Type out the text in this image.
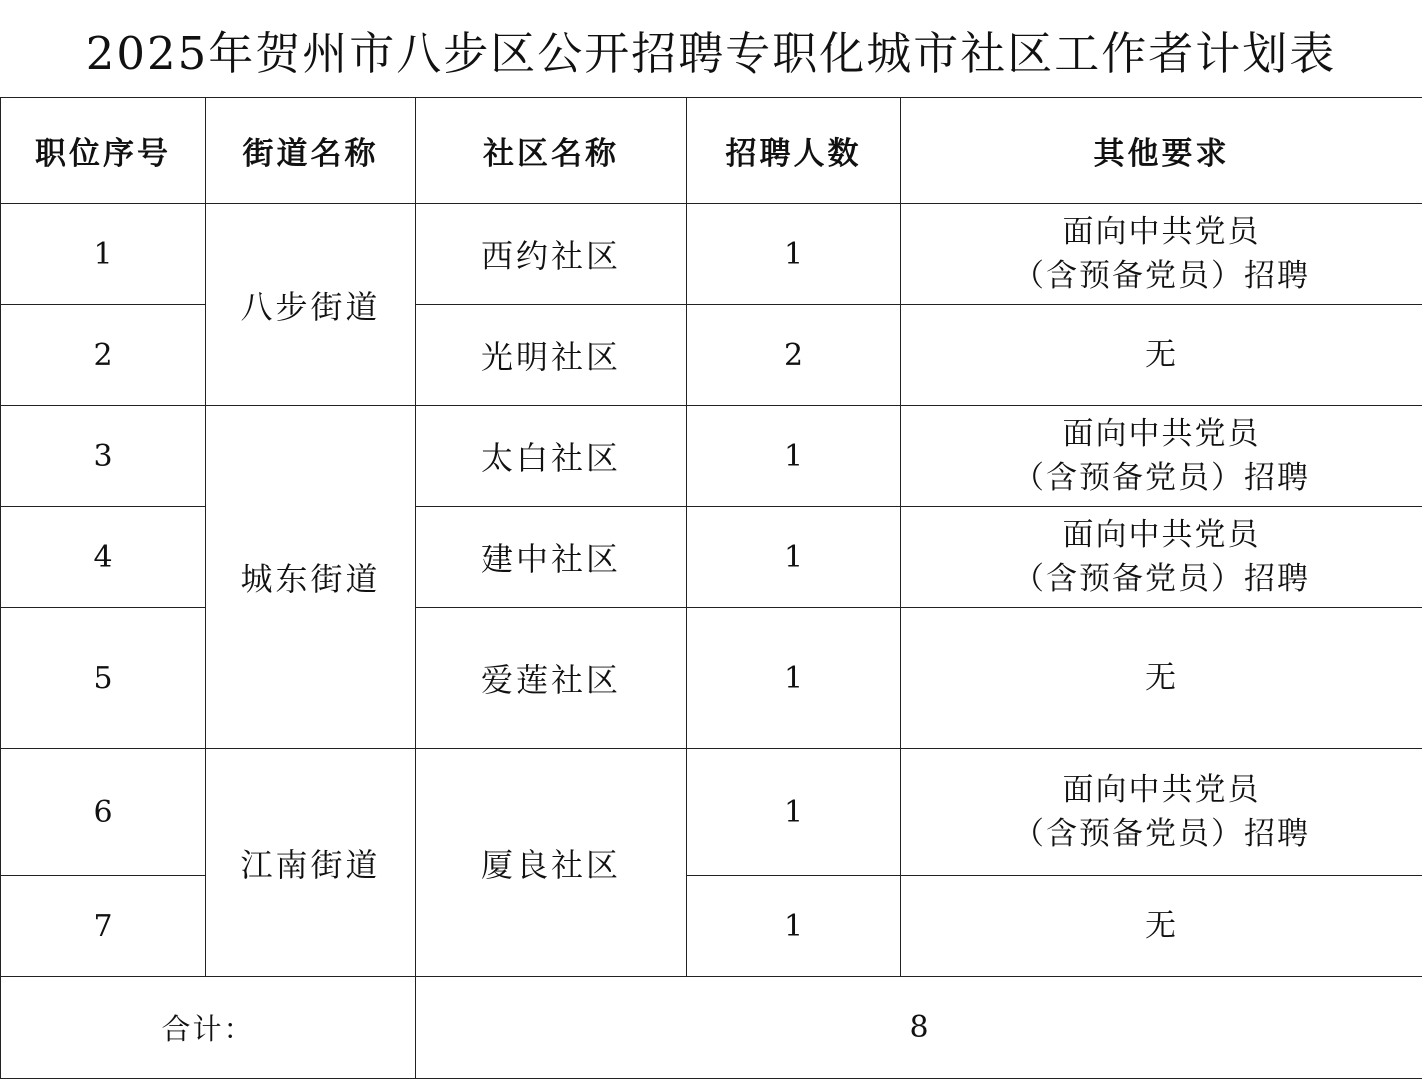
2025年贺州市八步区公开招聘专职化城市社区工作者计划表
职位序号	街道名称	社区名称	招聘人数	其他要求
1	八步街道	西约社区	1	面向中共党员
（含预备党员）招聘

2		光明社区	2	无
3	城东街道	太白社区	1	面向中共党员
（含预备党员）招聘

4		建中社区	1	面向中共党员
（含预备党员）招聘

5		爱莲社区	1	无
6	江南街道	厦良社区	1	面向中共党员
（含预备党员）招聘

7			1	无
合计：		8		
